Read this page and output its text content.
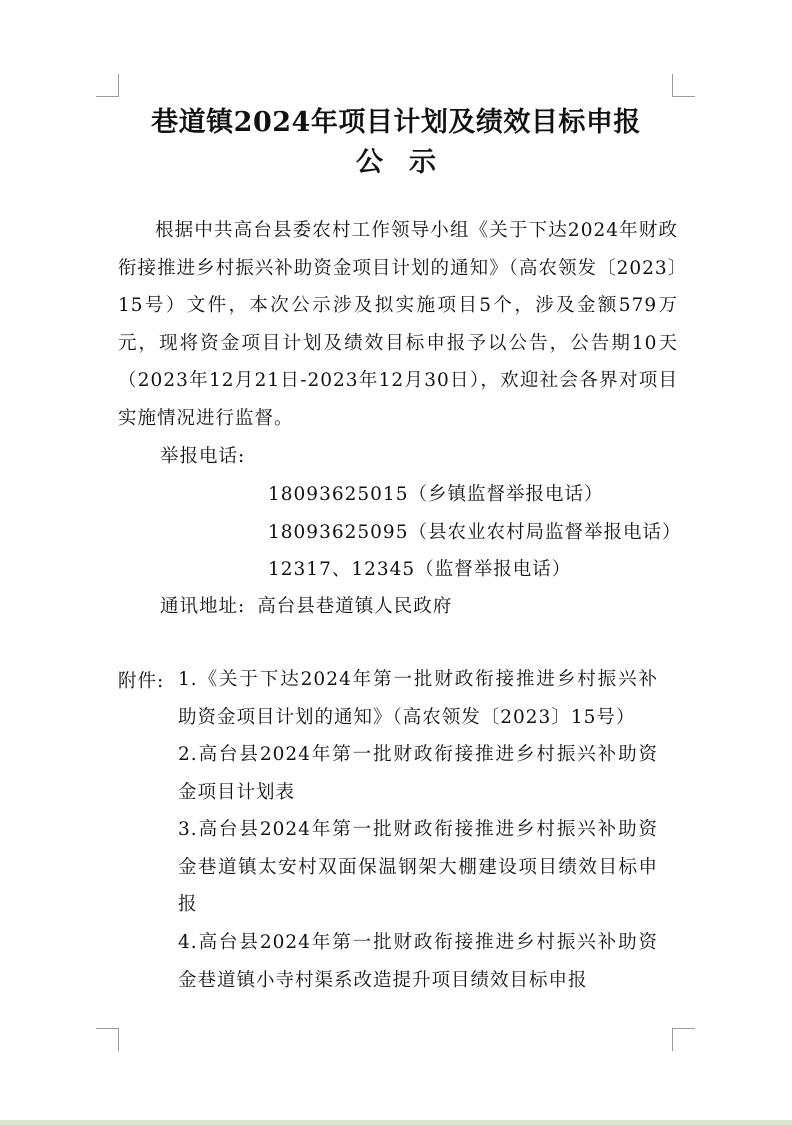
巷道镇2024年项目计划及绩效目标申报
公示
根据中共高台县委农村工作领导小组《关于下达2024年财政衔接推进乡村振兴补助资金项目计划的通知》（高农领发〔2023〕15号）文件，本次公示涉及拟实施项目5个，涉及金额579万元，现将资金项目计划及绩效目标申报予以公告，公告期10天（2023年12月21日-2023年12月30日），欢迎社会各界对项目实施情况进行监督。
举报电话:
18093625015（乡镇监督举报电话）
18093625095（县农业农村局监督举报电话）
12317、12345（监督举报电话）
通讯地址: 高台县巷道镇人民政府
附件: 1.《关于下达2024年第一批财政衔接推进乡村振兴补助资金项目计划的通知》（高农领发〔2023〕15号）
2.高台县2024年第一批财政衔接推进乡村振兴补助资金项目计划表
3.高台县2024年第一批财政衔接推进乡村振兴补助资金巷道镇太安村双面保温钢架大棚建设项目绩效目标申报
4.高台县2024年第一批财政衔接推进乡村振兴补助资金巷道镇小寺村渠系改造提升项目绩效目标申报
